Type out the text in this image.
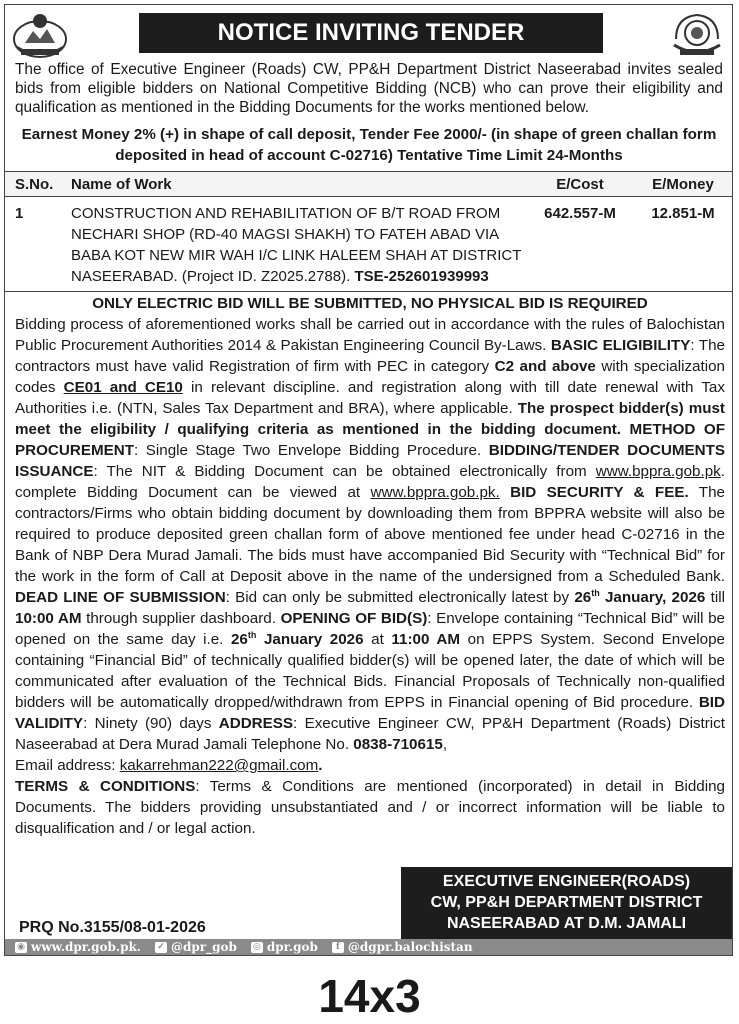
NOTICE INVITING TENDER
The office of Executive Engineer (Roads) CW, PP&H Department District Naseerabad invites sealed bids from eligible bidders on National Competitive Bidding (NCB) who can prove their eligibility and qualification as mentioned in the Bidding Documents for the works mentioned below.
Earnest Money 2% (+) in shape of call deposit, Tender Fee 2000/- (in shape of green challan form deposited in head of account C-02716) Tentative Time Limit 24-Months
S.No.	Name of Work	E/Cost	E/Money
1	CONSTRUCTION AND REHABILITATION OF B/T ROAD FROM NECHARI SHOP (RD-40 MAGSI SHAKH) TO FATEH ABAD VIA BABA KOT NEW MIR WAH I/C LINK HALEEM SHAH AT DISTRICT NASEERABAD. (Project ID. Z2025.2788). TSE-252601939993	642.557-M	12.851-M

ONLY ELECTRIC BID WILL BE SUBMITTED, NO PHYSICAL BID IS REQUIRED

Bidding process of aforementioned works shall be carried out in accordance with the rules of Balochistan Public Procurement Authorities 2014 & Pakistan Engineering Council By-Laws. BASIC ELIGIBILITY: The contractors must have valid Registration of firm with PEC in category C2 and above with specialization codes CE01 and CE10 in relevant discipline. and registration along with till date renewal with Tax Authorities i.e. (NTN, Sales Tax Department and BRA), where applicable. The prospect bidder(s) must meet the eligibility / qualifying criteria as mentioned in the bidding document. METHOD OF PROCUREMENT: Single Stage Two Envelope Bidding Procedure. BIDDING/TENDER DOCUMENTS ISSUANCE: The NIT & Bidding Document can be obtained electronically from www.bppra.gob.pk. complete Bidding Document can be viewed at www.bppra.gob.pk. BID SECURITY & FEE. The contractors/Firms who obtain bidding document by downloading them from BPPRA website will also be required to produce deposited green challan form of above mentioned fee under head C-02716 in the Bank of NBP Dera Murad Jamali. The bids must have accompanied Bid Security with “Technical Bid” for the work in the form of Call at Deposit above in the name of the undersigned from a Scheduled Bank. DEAD LINE OF SUBMISSION: Bid can only be submitted electronically latest by 26th January, 2026 till 10:00 AM through supplier dashboard. OPENING OF BID(S): Envelope containing “Technical Bid” will be opened on the same day i.e. 26th January 2026 at 11:00 AM on EPPS System. Second Envelope containing “Financial Bid” of technically qualified bidder(s) will be opened later, the date of which will be communicated after evaluation of the Technical Bids. Financial Proposals of Technically non-qualified bidders will be automatically dropped/withdrawn from EPPS in Financial opening of Bid procedure. BID VALIDITY: Ninety (90) days ADDRESS: Executive Engineer CW, PP&H Department (Roads) District Naseerabad at Dera Murad Jamali Telephone No. 0838-710615,

Email address: kakarrehman222@gmail.com.

TERMS & CONDITIONS: Terms & Conditions are mentioned (incorporated) in detail in Bidding Documents. The bidders providing unsubstantiated and / or incorrect information will be liable to disqualification and / or legal action.

EXECUTIVE ENGINEER(ROADS)
CW, PP&H DEPARTMENT DISTRICT
NASEERABAD AT D.M. JAMALI
PRQ No.3155/08-01-2026
◉ www.dpr.gob.pk. ✓ @dpr_gob ◎ dpr.gob	f @dgpr.balochistan
14x3
